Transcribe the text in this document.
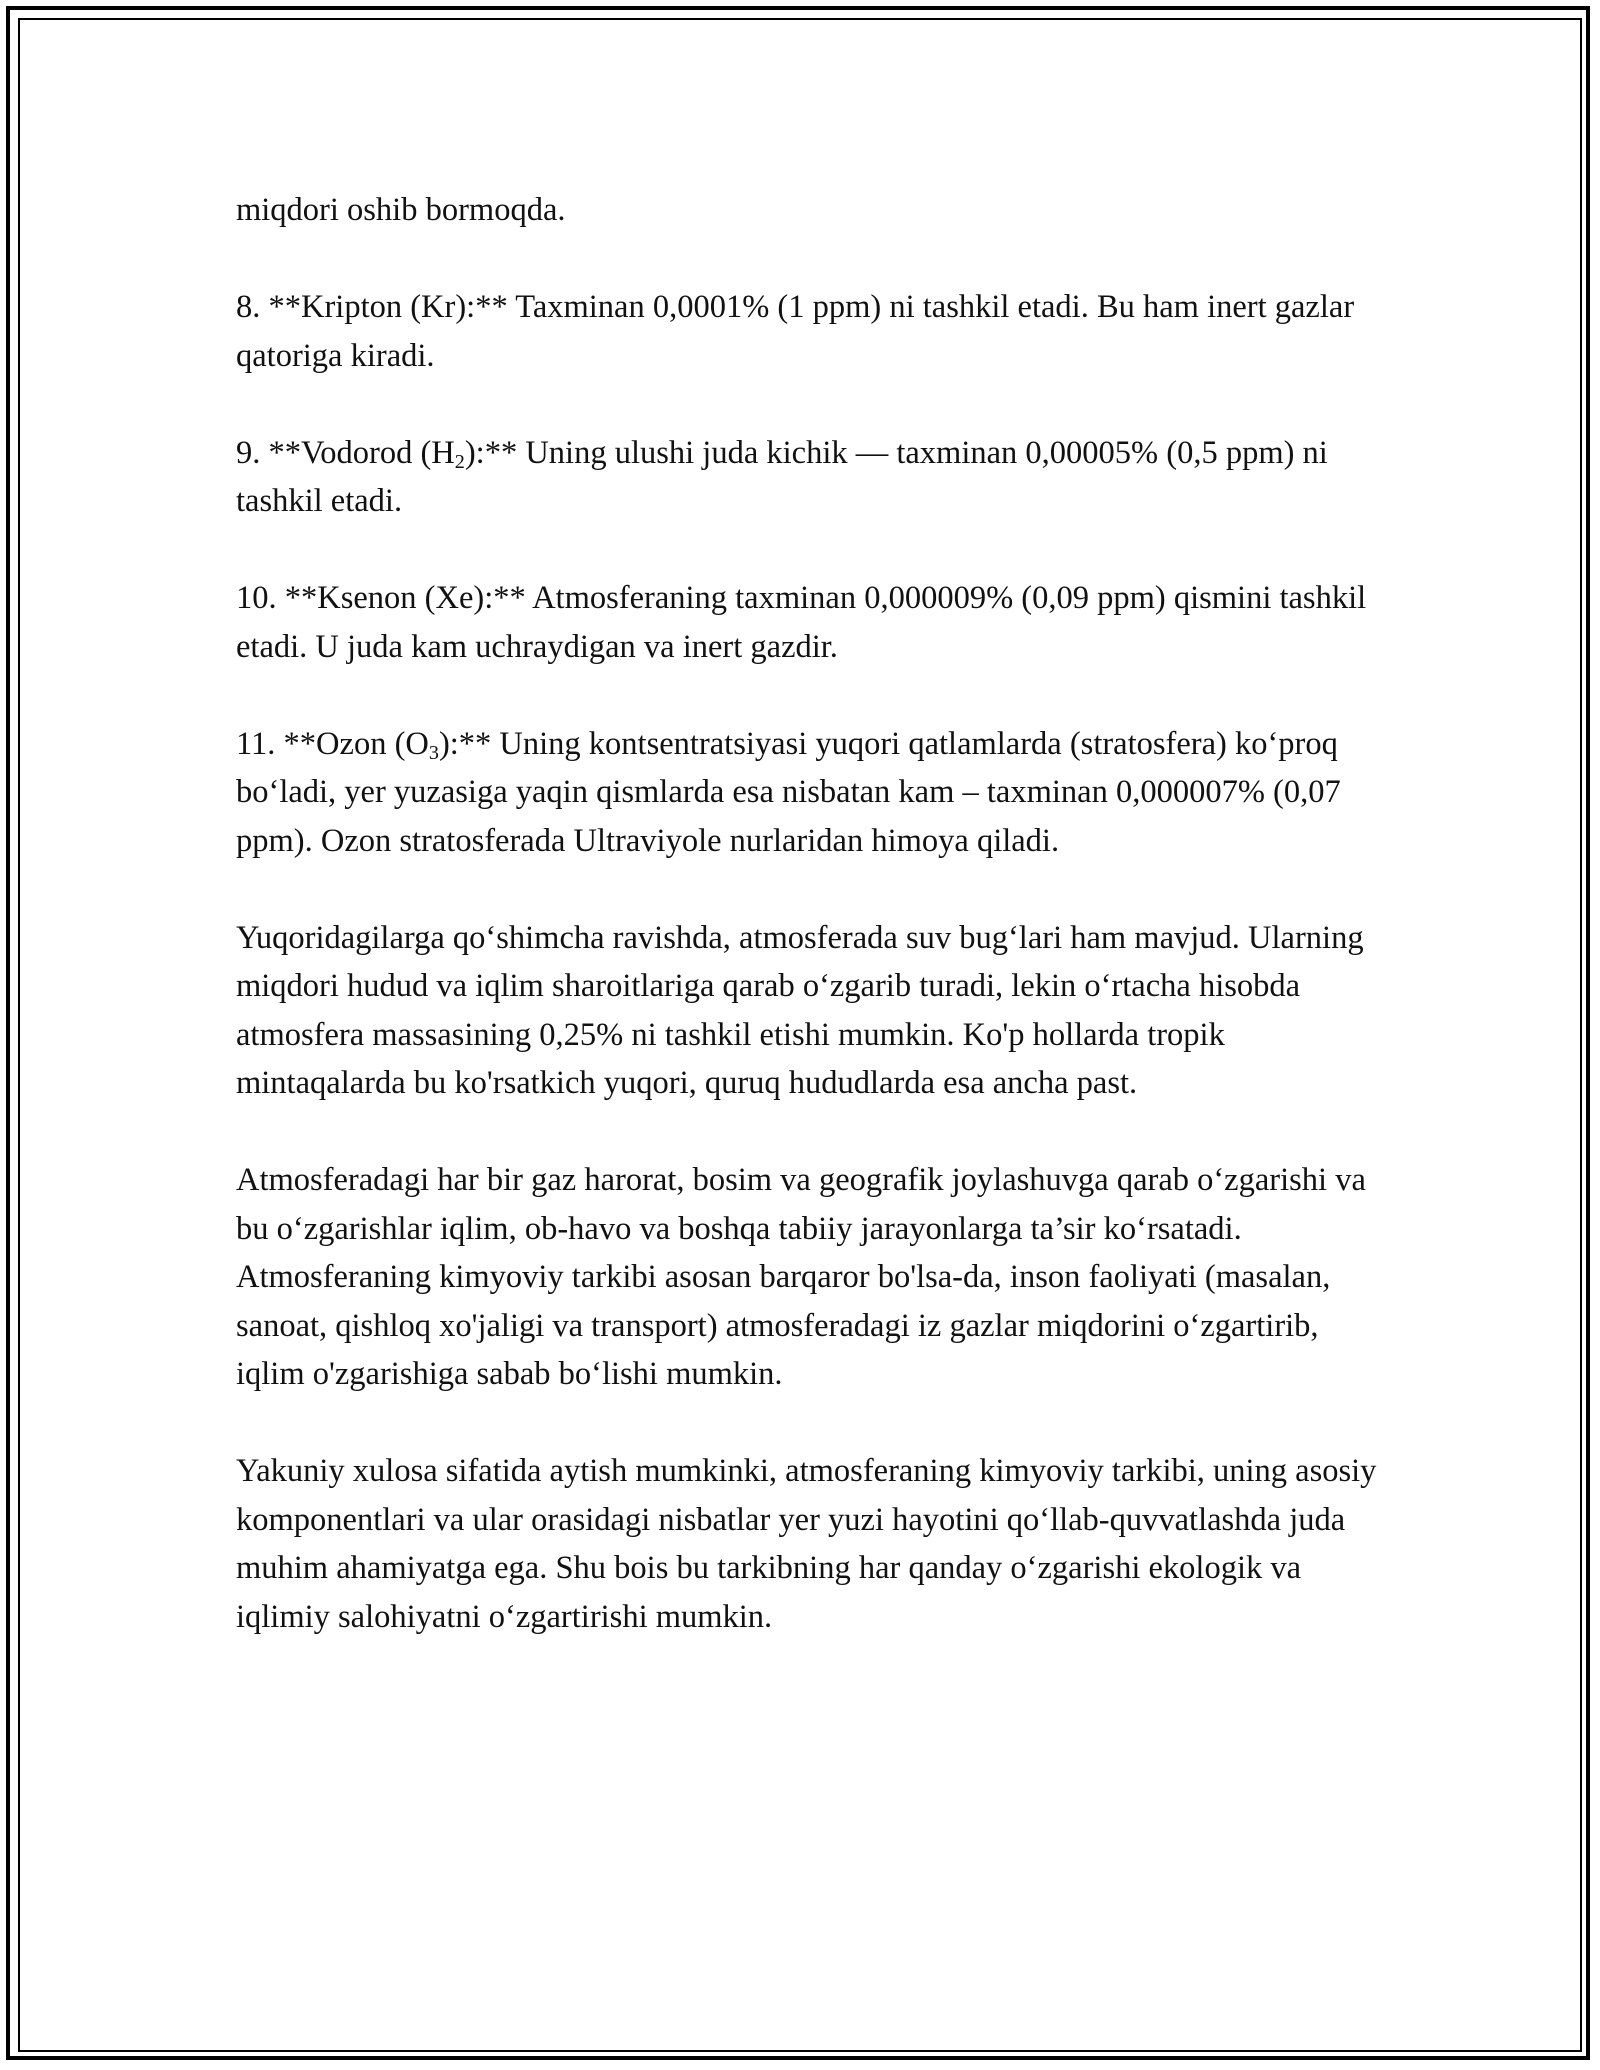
miqdori oshib bormoqda.

8. **Kripton (Kr):** Taxminan 0,0001% (1 ppm) ni tashkil etadi. Bu ham inert gazlar qatoriga kiradi.

9. **Vodorod $(H_2):**$ Uning ulushi juda kichik — taxminan 0,00005% (0,5 ppm) ni tashkil etadi.

10. **Ksenon (Xe):** Atmosferaning taxminan 0,000009% (0,09 ppm) qismini tashkil etadi. U juda kam uchraydigan va inert gazdir.

11. **Ozon $(O_3):**$ Uning kontsentratsiyasi yuqori qatlamlarda (stratosfera) ko‘proq bo‘ladi, yer yuzasiga yaqin qismlarda esa nisbatan kam – taxminan 0,000007% (0,07 ppm). Ozon stratosferada Ultraviyole nurlaridan himoya qiladi.

Yuqoridagilarga qo‘shimcha ravishda, atmosferada suv bug‘lari ham mavjud. Ularning miqdori hudud va iqlim sharoitlariga qarab o‘zgarib turadi, lekin o‘rtacha hisobda atmosfera massasining 0,25% ni tashkil etishi mumkin. Ko'p hollarda tropik mintaqalarda bu ko'rsatkich yuqori, quruq hududlarda esa ancha past.

Atmosferadagi har bir gaz harorat, bosim va geografik joylashuvga qarab o‘zgarishi va bu o‘zgarishlar iqlim, ob-havo va boshqa tabiiy jarayonlarga ta’sir ko‘rsatadi. Atmosferaning kimyoviy tarkibi asosan barqaror bo'lsa-da, inson faoliyati (masalan, sanoat, qishloq xo'jaligi va transport) atmosferadagi iz gazlar miqdorini o‘zgartirib, iqlim o'zgarishiga sabab bo‘lishi mumkin.

Yakuniy xulosa sifatida aytish mumkinki, atmosferaning kimyoviy tarkibi, uning asosiy komponentlari va ular orasidagi nisbatlar yer yuzi hayotini qo‘llab-quvvatlashda juda muhim ahamiyatga ega. Shu bois bu tarkibning har qanday o‘zgarishi ekologik va iqlimiy salohiyatni o‘zgartirishi mumkin.
